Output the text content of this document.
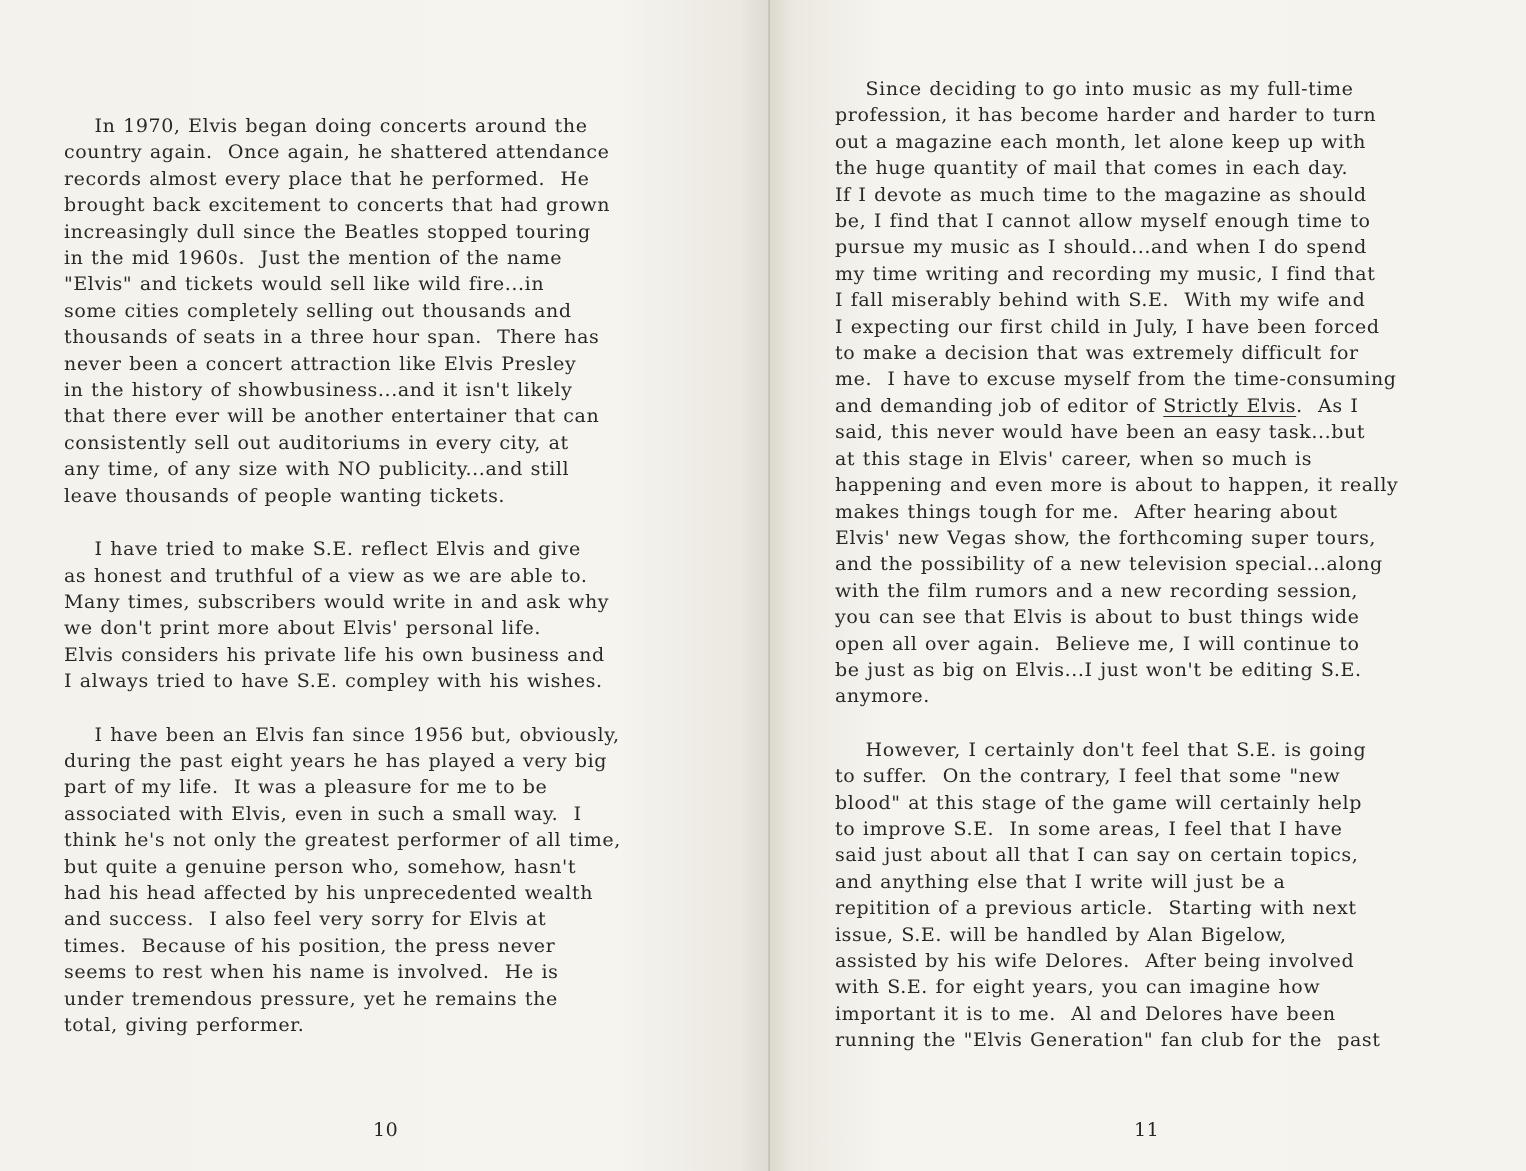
In 1970, Elvis began doing concerts around the
country again.  Once again, he shattered attendance
records almost every place that he performed.  He
brought back excitement to concerts that had grown
increasingly dull since the Beatles stopped touring
in the mid 1960s.  Just the mention of the name
"Elvis" and tickets would sell like wild fire...in
some cities completely selling out thousands and
thousands of seats in a three hour span.  There has
never been a concert attraction like Elvis Presley
in the history of showbusiness...and it isn't likely
that there ever will be another entertainer that can
consistently sell out auditoriums in every city, at
any time, of any size with NO publicity...and still
leave thousands of people wanting tickets.

I have tried to make S.E. reflect Elvis and give
as honest and truthful of a view as we are able to.
Many times, subscribers would write in and ask why
we don't print more about Elvis' personal life.
Elvis considers his private life his own business and
I always tried to have S.E. compley with his wishes.

I have been an Elvis fan since 1956 but, obviously,
during the past eight years he has played a very big
part of my life.  It was a pleasure for me to be
associated with Elvis, even in such a small way.  I
think he's not only the greatest performer of all time,
but quite a genuine person who, somehow, hasn't
had his head affected by his unprecedented wealth
and success.  I also feel very sorry for Elvis at
times.  Because of his position, the press never
seems to rest when his name is involved.  He is
under tremendous pressure, yet he remains the
total, giving performer.

10

Since deciding to go into music as my full-time
profession, it has become harder and harder to turn
out a magazine each month, let alone keep up with
the huge quantity of mail that comes in each day.
If I devote as much time to the magazine as should
be, I find that I cannot allow myself enough time to
pursue my music as I should...and when I do spend
my time writing and recording my music, I find that
I fall miserably behind with S.E.  With my wife and
I expecting our first child in July, I have been forced
to make a decision that was extremely difficult for
me.  I have to excuse myself from the time-consuming
and demanding job of editor of Strictly Elvis.  As I
said, this never would have been an easy task...but
at this stage in Elvis' career, when so much is
happening and even more is about to happen, it really
makes things tough for me.  After hearing about
Elvis' new Vegas show, the forthcoming super tours,
and the possibility of a new television special...along
with the film rumors and a new recording session,
you can see that Elvis is about to bust things wide
open all over again.  Believe me, I will continue to
be just as big on Elvis...I just won't be editing S.E.
anymore.

However, I certainly don't feel that S.E. is going
to suffer.  On the contrary, I feel that some "new
blood" at this stage of the game will certainly help
to improve S.E.  In some areas, I feel that I have
said just about all that I can say on certain topics,
and anything else that I write will just be a
repitition of a previous article.  Starting with next
issue, S.E. will be handled by Alan Bigelow,
assisted by his wife Delores.  After being involved
with S.E. for eight years, you can imagine how
important it is to me.  Al and Delores have been
running the "Elvis Generation" fan club for the  past

11
